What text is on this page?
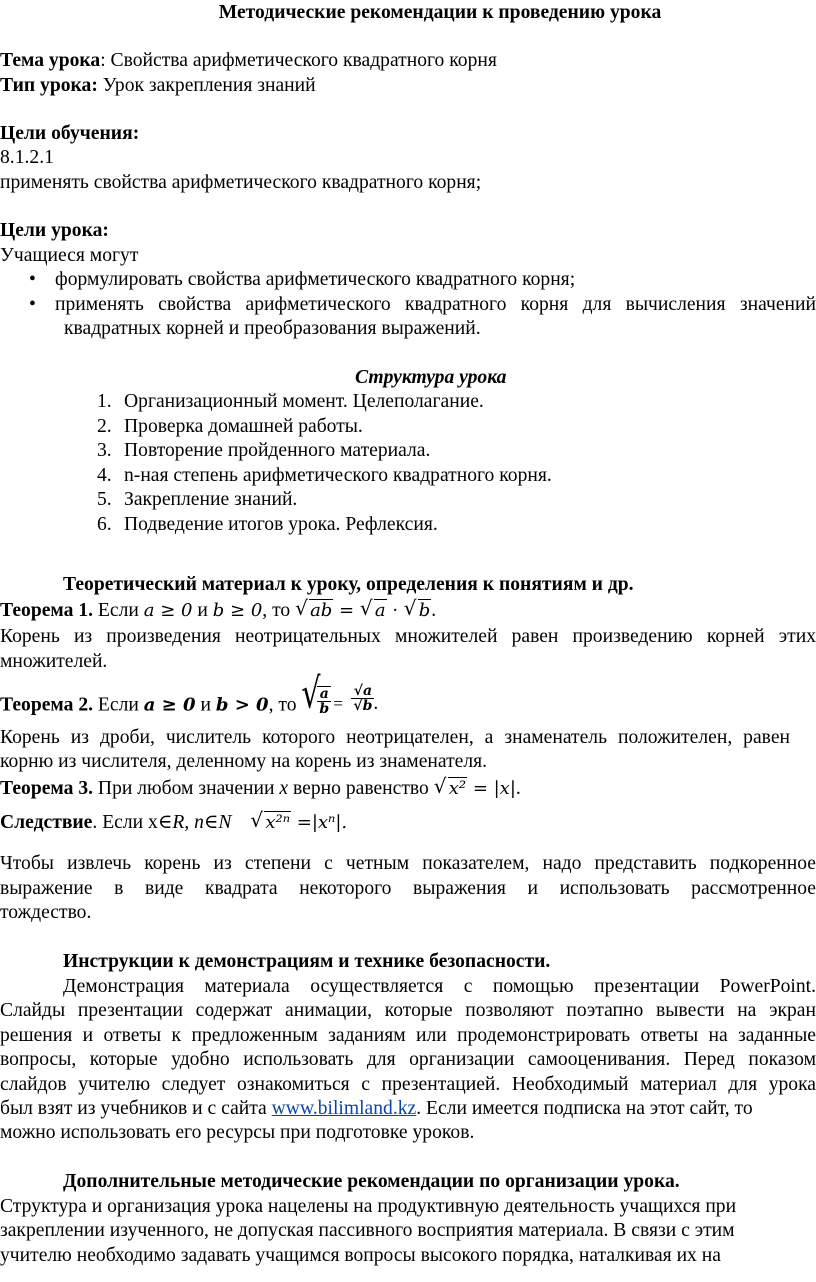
Методические рекомендации к проведению урока
Тема урока: Свойства арифметического квадратного корня
Тип урока: Урок закрепления знаний
Цели обучения:
8.1.2.1
применять свойства арифметического квадратного корня;
Цели урока:
Учащиеся могут
• формулировать свойства арифметического квадратного корня;
• применять свойства арифметического квадратного корня для вычисления значений
квадратных корней и преобразования выражений.
Структура урока
1. Организационный момент. Целеполагание.
2. Проверка домашней работы.
3. Повторение пройденного материала.
4. n-ная степень арифметического квадратного корня.
5. Закрепление знаний.
6. Подведение итогов урока. Рефлексия.
Теоретический материал к уроку, определения к понятиям и др.
Теорема 1. Если a ≥ 0 и b ≥ 0, то √ ab = √ a · √ b.
Корень из произведения неотрицательных множителей равен произведению корней этих
множителей.
Теорема 2. Если a ≥ 0 и b > 0, то √
$\frac{a}{b} = \frac{√a}{√b}$ .
Корень из дроби, числитель которого неотрицателен, а знаменатель положителен, равен
корню из числителя, деленному на корень из знаменателя.
Теорема 3. При любом значении x верно равенство √ x² = |x|.
Следствие. Если x∈R, n∈N √ x²ⁿ =|xⁿ|.
Чтобы извлечь корень из степени с четным показателем, надо представить подкоренное
выражение в виде квадрата некоторого выражения и использовать рассмотренное
тождество.
Инструкции к демонстрациям и технике безопасности.
Демонстрация материала осуществляется с помощью презентации PowerPoint.
Слайды презентации содержат анимации, которые позволяют поэтапно вывести на экран
решения и ответы к предложенным заданиям или продемонстрировать ответы на заданные
вопросы, которые удобно использовать для организации самооценивания. Перед показом
слайдов учителю следует ознакомиться с презентацией. Необходимый материал для урока
был взят из учебников и с сайта www.bilimland.kz . Если имеется подписка на этот сайт, то
можно использовать его ресурсы при подготовке уроков.
Дополнительные методические рекомендации по организации урока.
Структура и организация урока нацелены на продуктивную деятельность учащихся при
закреплении изученного, не допуская пассивного восприятия материала. В связи с этим
учителю необходимо задавать учащимся вопросы высокого порядка, наталкивая их на
